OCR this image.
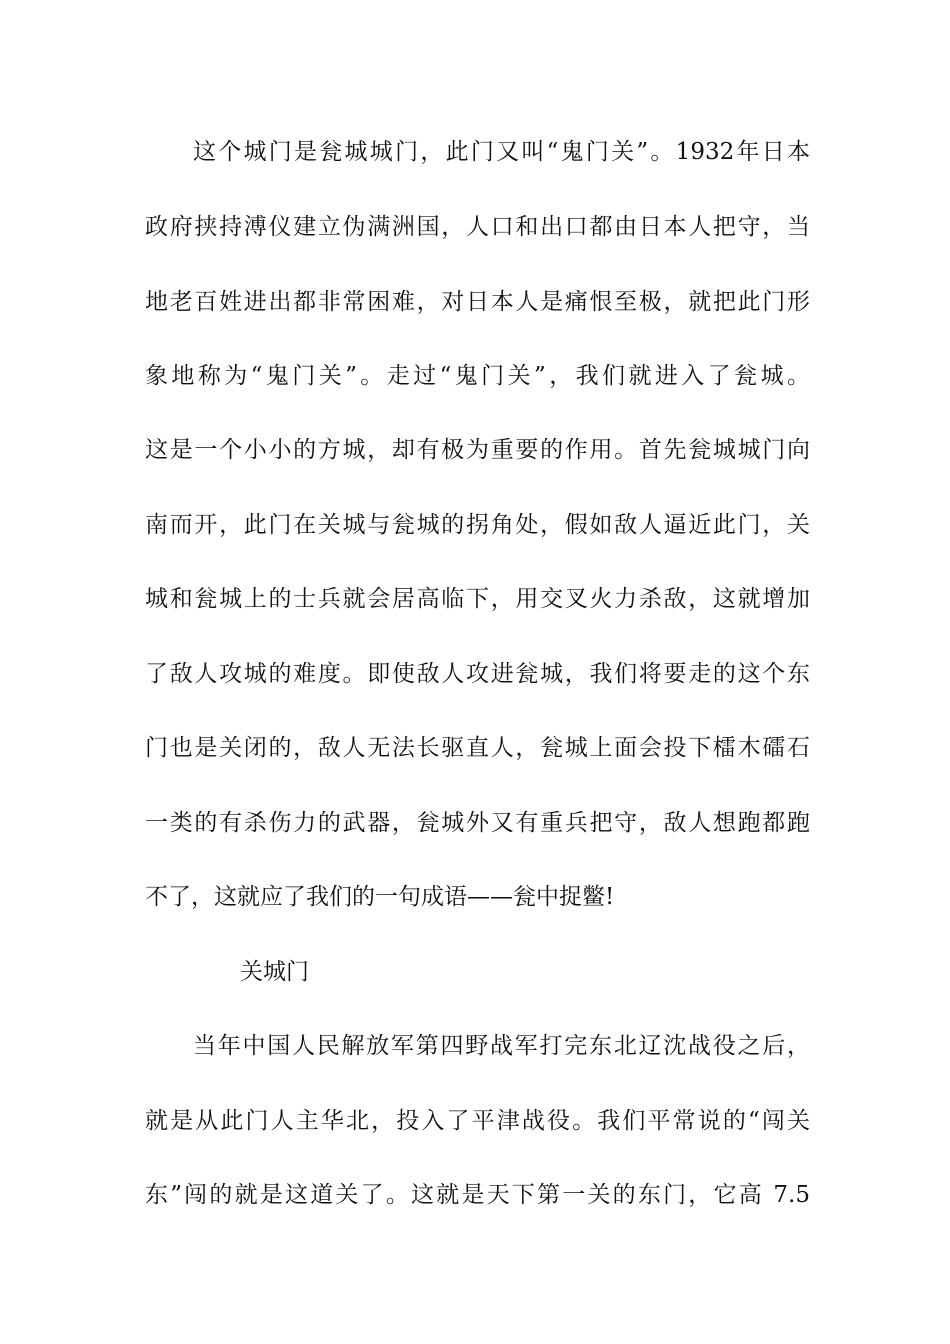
这个城门是瓮城城门，此门又叫“鬼门关”。1932年日本
政府挟持溥仪建立伪满洲国，人口和出口都由日本人把守，当
地老百姓进出都非常困难，对日本人是痛恨至极，就把此门形
象地称为“鬼门关”。走过“鬼门关”，我们就进入了瓮城。
这是一个小小的方城，却有极为重要的作用。首先瓮城城门向
南而开，此门在关城与瓮城的拐角处，假如敌人逼近此门，关
城和瓮城上的士兵就会居高临下，用交叉火力杀敌，这就增加
了敌人攻城的难度。即使敌人攻进瓮城，我们将要走的这个东
门也是关闭的，敌人无法长驱直人，瓮城上面会投下檑木礌石
一类的有杀伤力的武器，瓮城外又有重兵把守，敌人想跑都跑
不了，这就应了我们的一句成语——瓮中捉鳖!
关城门
当年中国人民解放军第四野战军打完东北辽沈战役之后，
就是从此门人主华北，投入了平津战役。我们平常说的“闯关
东”闯的就是这道关了。这就是天下第一关的东门，它高 7.5
